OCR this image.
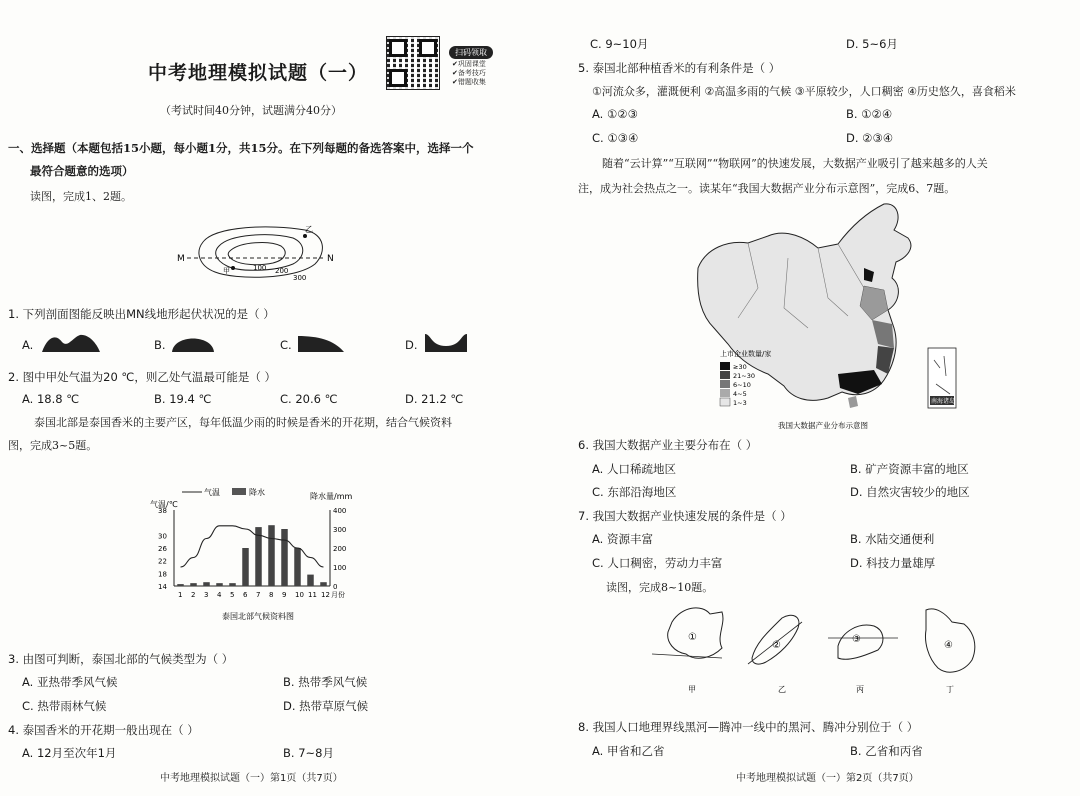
中考地理模拟试题（一）
扫码领取
✔巩固课堂
✔备考技巧
✔错题收集
（考试时间40分钟，试题满分40分）
一、选择题（本题包括15小题，每小题1分，共15分。在下列每题的备选答案中，选择一个
最符合题意的选项）
读图，完成1、2题。
M	N
乙
甲	100 200
300
1. 下列剖面图能反映出MN线地形起伏状况的是（ ）
A.	B.	C.	D.
2. 图中甲处气温为20 ℃，则乙处气温最可能是（ ）
A. 18.8 ℃	B. 19.4 ℃	C. 20.6 ℃	D. 21.2 ℃
泰国北部是泰国香米的主要产区，每年低温少雨的时候是香米的开花期，结合气候资料
图，完成3~5题。
气温	降水
气温/℃
降水量/mm
38
30
26
22
18
14
400
300
200
100
0
1 2 3 4 5 6 7 8 9 10 11 12 月份
泰国北部气候资料图
3. 由图可判断，泰国北部的气候类型为（ ）
A. 亚热带季风气候	B. 热带季风气候
C. 热带雨林气候	D. 热带草原气候
4. 泰国香米的开花期一般出现在（ ）
A. 12月至次年1月	B. 7~8月
中考地理模拟试题（一）第1页（共7页）
C. 9~10月	D. 5~6月
5. 泰国北部种植香米的有利条件是（ ）
①河流众多，灌溉便利 ②高温多雨的气候 ③平原较少，人口稠密 ④历史悠久，喜食稻米
A. ①②③	B. ①②④
C. ①③④	D. ②③④
随着“云计算”“互联网”“物联网”的快速发展，大数据产业吸引了越来越多的人关
注，成为社会热点之一。读某年“我国大数据产业分布示意图”，完成6、7题。
南海诸岛
上市企业数量/家
≥30
21~30
6~10
4~5
1~3
我国大数据产业分布示意图
6. 我国大数据产业主要分布在（ ）
A. 人口稀疏地区	B. 矿产资源丰富的地区
C. 东部沿海地区	D. 自然灾害较少的地区
7. 我国大数据产业快速发展的条件是（ ）
A. 资源丰富	B. 水陆交通便利
C. 人口稠密，劳动力丰富	D. 科技力量雄厚
读图，完成8~10题。
①
甲
②
乙
③
丙
④
丁
8. 我国人口地理界线黑河—腾冲一线中的黑河、腾冲分别位于（ ）
A. 甲省和乙省	B. 乙省和丙省
中考地理模拟试题（一）第2页（共7页）
